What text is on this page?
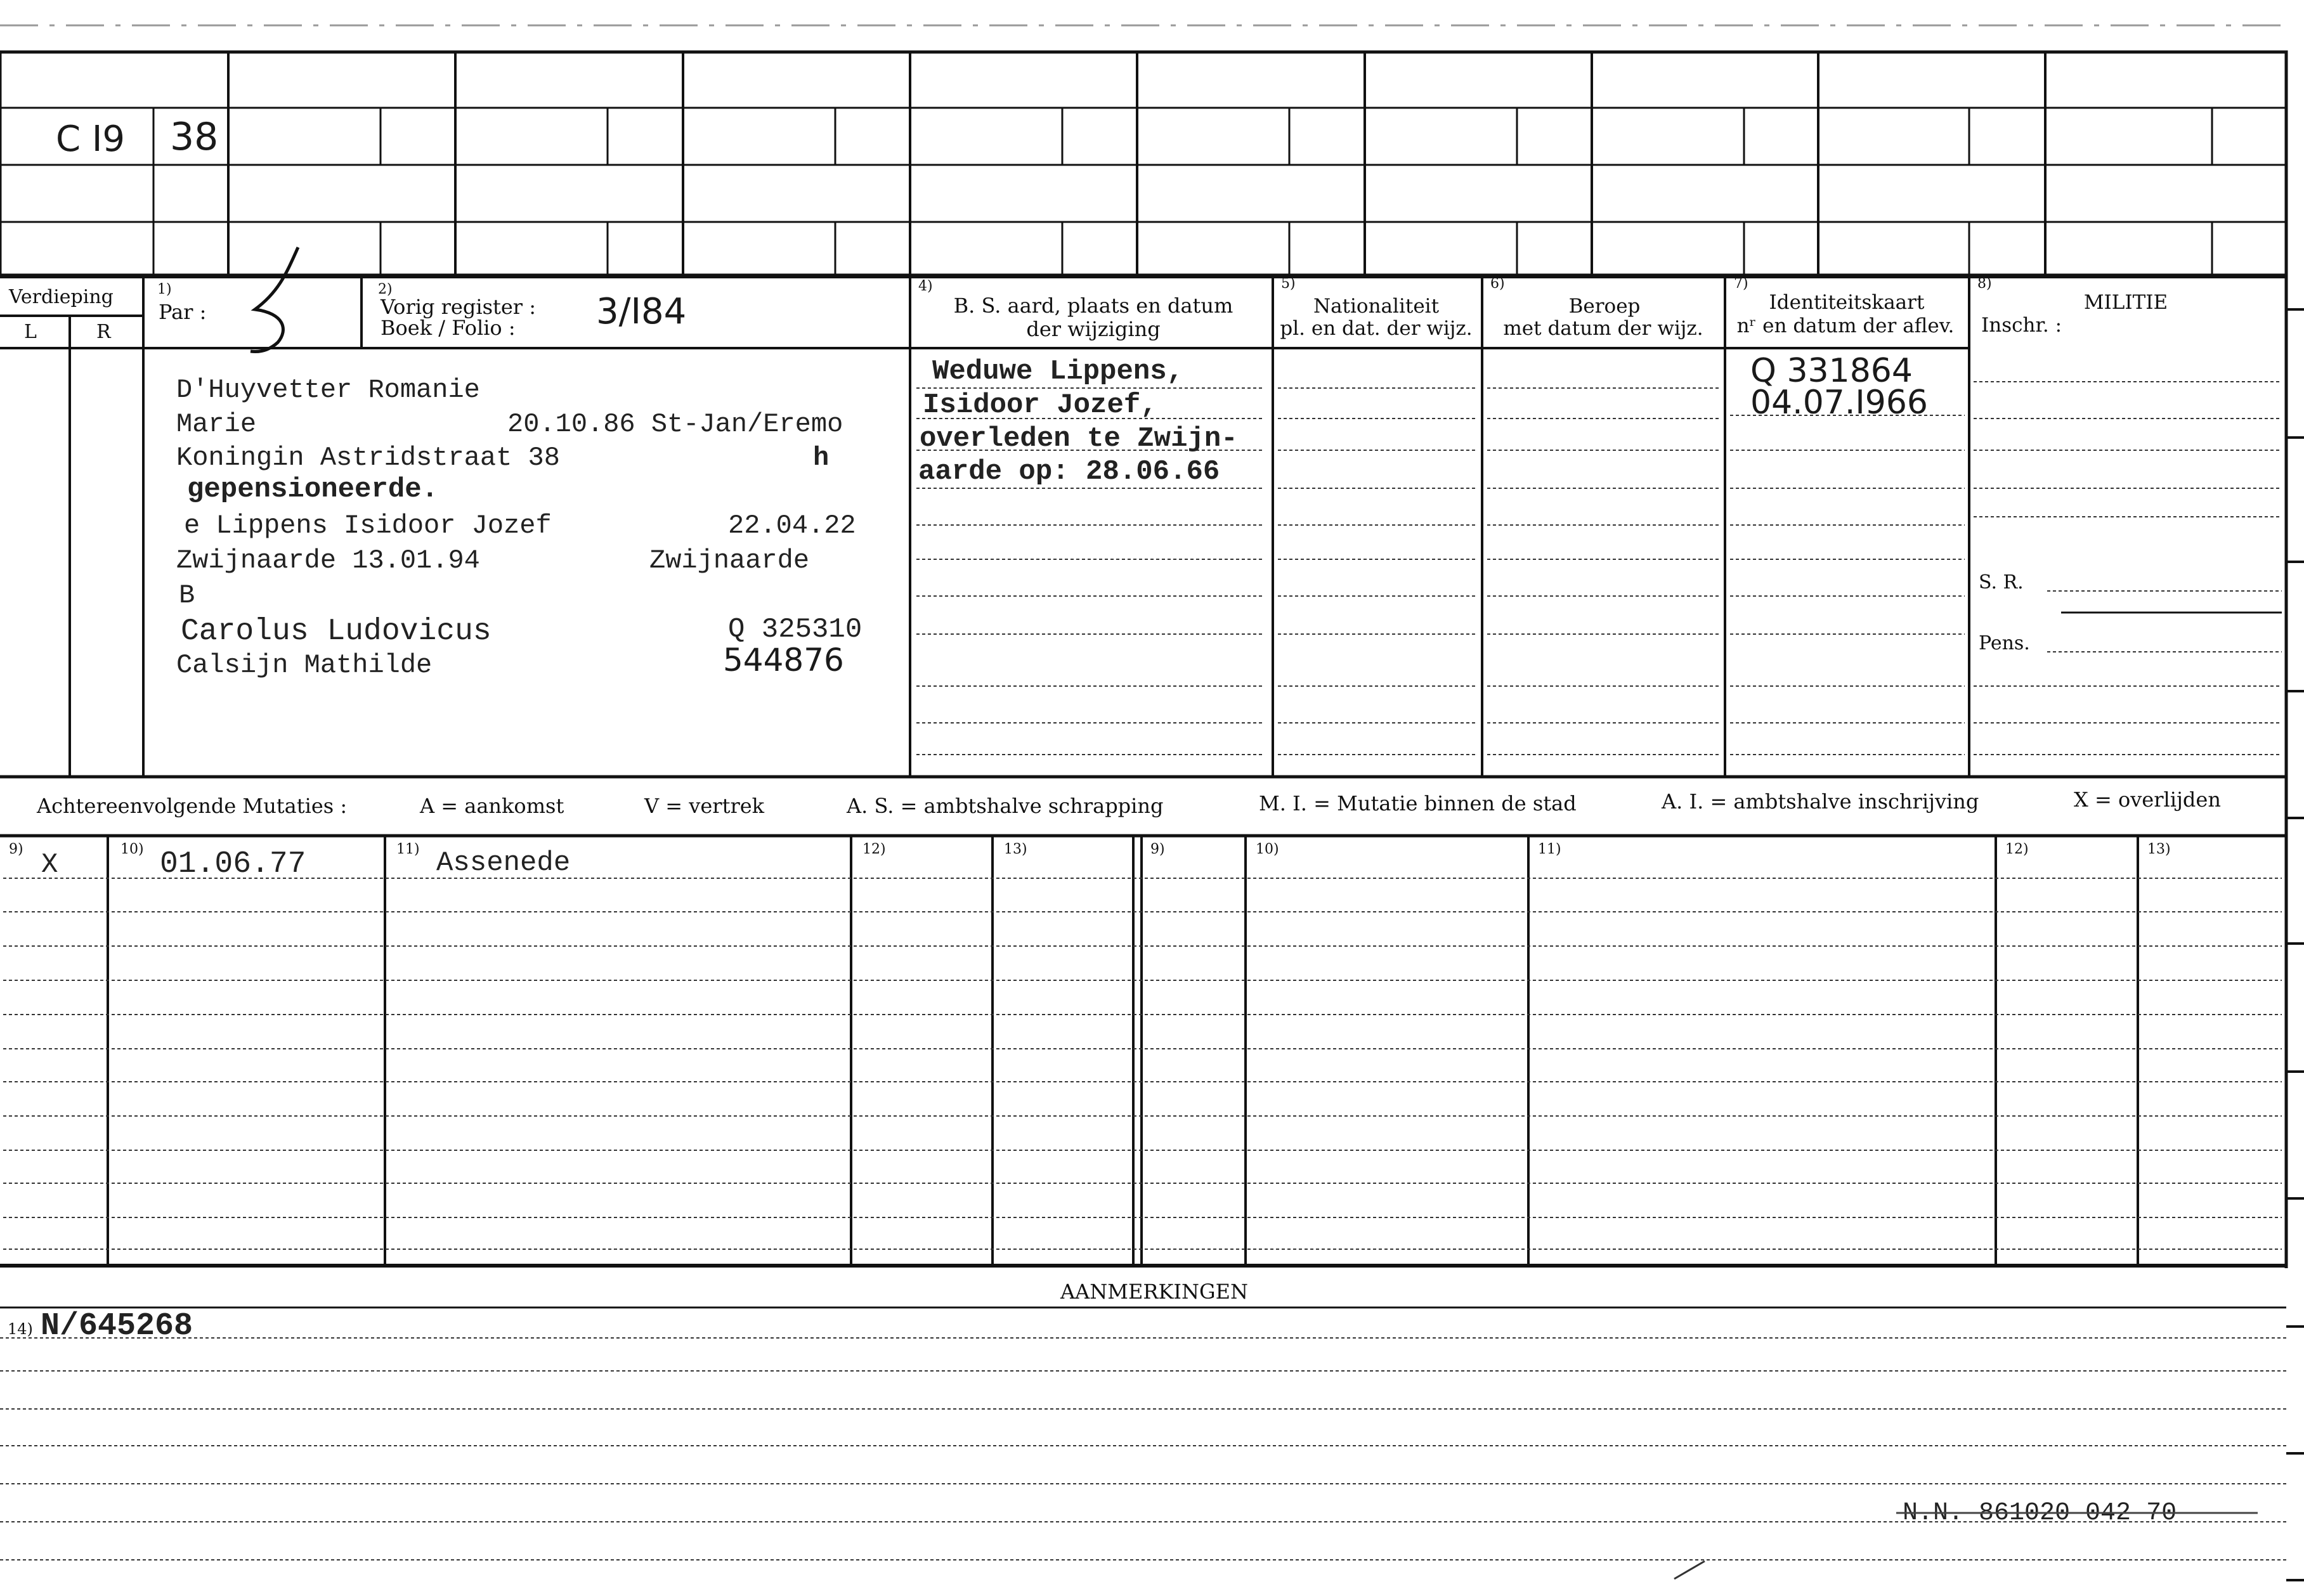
C I9 38
Verdieping
L	R
1)
Par :
2)
Vorig register :
Boek / Folio : 3/I84
4)
B. S. aard, plaats en datum
der wijziging
5)
Nationaliteit
pl. en dat. der wijz.
6)
Beroep
met datum der wijz.
7)
Identiteitskaart
nʳ en datum der aflev.
8)
MILITIE
Inschr. :
S. R.
Pens.
D'Huyvetter Romanie
Marie	20.10.86 St-Jan/Eremo
Koningin Astridstraat 38	h
gepensioneerde.
e Lippens Isidoor Jozef	22.04.22
Zwijnaarde 13.01.94	Zwijnaarde
B
Carolus Ludovicus	Q 325310
Calsijn Mathilde	544876
Weduwe Lippens,
Isidoor Jozef,
overleden te Zwijn-
aarde op: 28.06.66
Q 331864
04.07.I966
Achtereenvolgende Mutaties :	A = aankomst	V = vertrek	A. S. = ambtshalve schrapping	M. I. = Mutatie binnen de stad	A. I. = ambtshalve inschrijving	X = overlijden
9)	10)	11)	12)	13)	9)	10)	11)	12)	13)
X	01.06.77	Assenede
AANMERKINGEN
14) N/645268
N.N. 861020 042 70
